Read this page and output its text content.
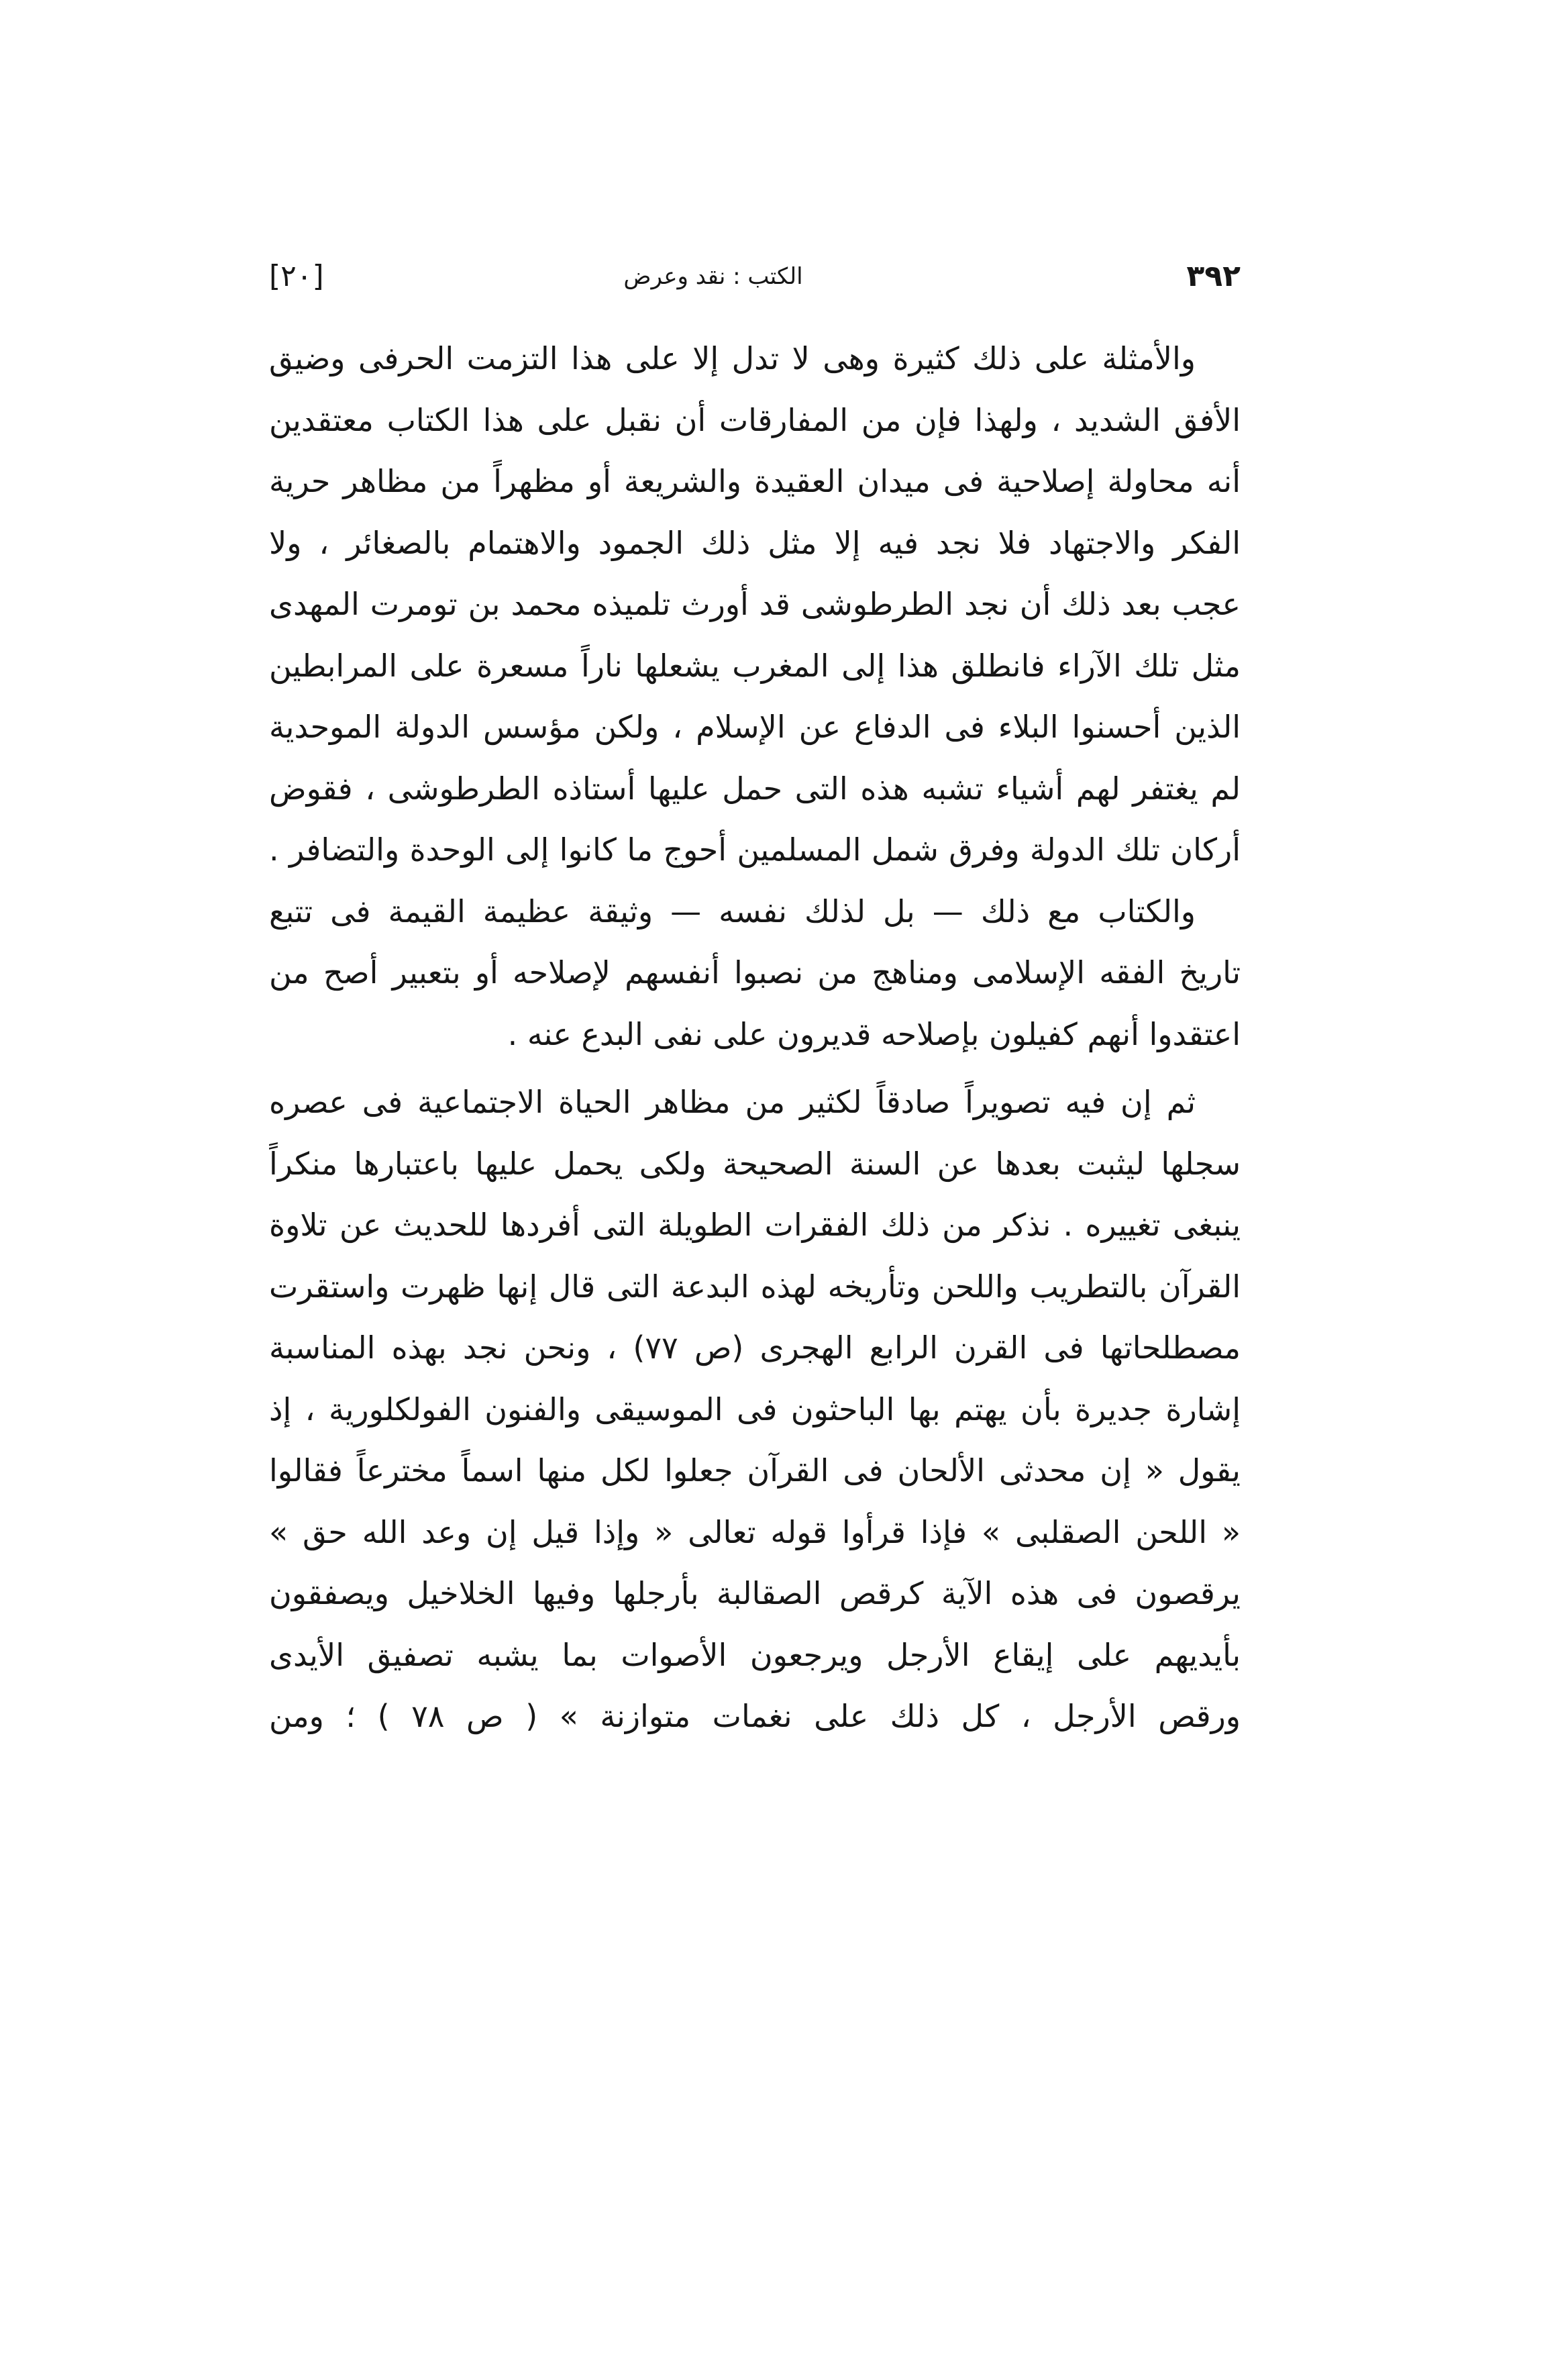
٣٩٢
الكتب : نقد وعرض
[٢٠]
والأمثلة على ذلك كثيرة وهى لا تدل إلا على هذا التزمت الحرفى وضيق
الأفق الشديد ، ولهذا فإن من المفارقات أن نقبل على هذا الكتاب معتقدين
أنه محاولة إصلاحية فى ميدان العقيدة والشريعة أو مظهراً من مظاهر حرية
الفكر والاجتهاد فلا نجد فيه إلا مثل ذلك الجمود والاهتمام بالصغائر ، ولا
عجب بعد ذلك أن نجد الطرطوشى قد أورث تلميذه محمد بن تومرت المهدى
مثل تلك الآراء فانطلق هذا إلى المغرب يشعلها ناراً مسعرة على المرابطين
الذين أحسنوا البلاء فى الدفاع عن الإسلام ، ولكن مؤسس الدولة الموحدية
لم يغتفر لهم أشياء تشبه هذه التى حمل عليها أستاذه الطرطوشى ، فقوض
أركان تلك الدولة وفرق شمل المسلمين أحوج ما كانوا إلى الوحدة والتضافر .
والكتاب مع ذلك — بل لذلك نفسه — وثيقة عظيمة القيمة فى تتبع
تاريخ الفقه الإسلامى ومناهج من نصبوا أنفسهم لإصلاحه أو بتعبير أصح من
اعتقدوا أنهم كفيلون بإصلاحه قديرون على نفى البدع عنه .
ثم إن فيه تصويراً صادقاً لكثير من مظاهر الحياة الاجتماعية فى عصره
سجلها ليثبت بعدها عن السنة الصحيحة ولكى يحمل عليها باعتبارها منكراً
ينبغى تغييره . نذكر من ذلك الفقرات الطويلة التى أفردها للحديث عن تلاوة
القرآن بالتطريب واللحن وتأريخه لهذه البدعة التى قال إنها ظهرت واستقرت
مصطلحاتها فى القرن الرابع الهجرى (ص ٧٧) ، ونحن نجد بهذه المناسبة
إشارة جديرة بأن يهتم بها الباحثون فى الموسيقى والفنون الفولكلورية ، إذ
يقول « إن محدثى الألحان فى القرآن جعلوا لكل منها اسماً مخترعاً فقالوا
« اللحن الصقلبى » فإذا قرأوا قوله تعالى « وإذا قيل إن وعد الله حق »
يرقصون فى هذه الآية كرقص الصقالبة بأرجلها وفيها الخلاخيل ويصفقون
بأيديهم على إيقاع الأرجل ويرجعون الأصوات بما يشبه تصفيق الأيدى
ورقص الأرجل ، كل ذلك على نغمات متوازنة » ( ص ٧٨ ) ؛ ومن
